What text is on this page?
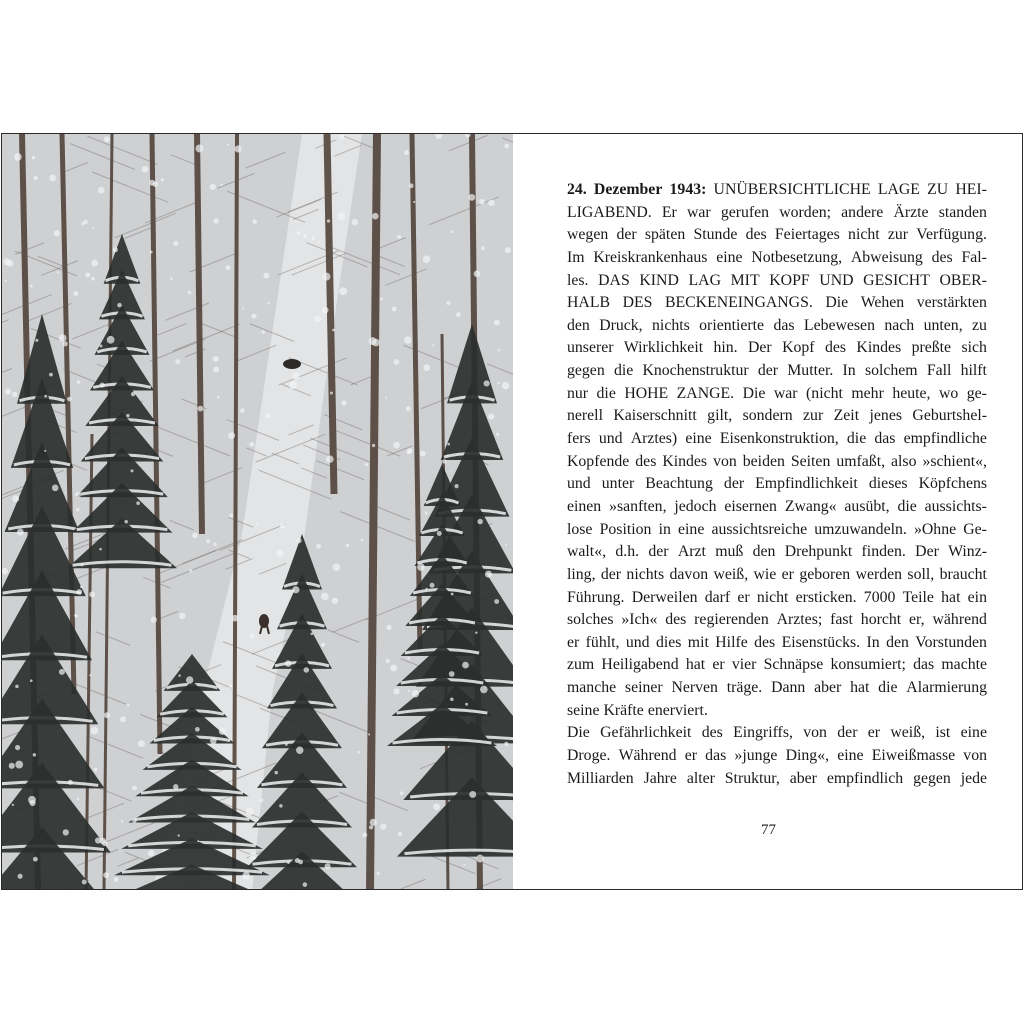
24. Dezember 1943: UNÜBERSICHTLICHE LAGE ZU HEI-
LIGABEND. Er war gerufen worden; andere Ärzte standen
wegen der späten Stunde des Feiertages nicht zur Verfügung.
Im Kreiskrankenhaus eine Notbesetzung, Abweisung des Fal-
les. DAS KIND LAG MIT KOPF UND GESICHT OBER-
HALB DES BECKENEINGANGS. Die Wehen verstärkten
den Druck, nichts orientierte das Lebewesen nach unten, zu
unserer Wirklichkeit hin. Der Kopf des Kindes preßte sich
gegen die Knochenstruktur der Mutter. In solchem Fall hilft
nur die HOHE ZANGE. Die war (nicht mehr heute, wo ge-
nerell Kaiserschnitt gilt, sondern zur Zeit jenes Geburtshel-
fers und Arztes) eine Eisenkonstruktion, die das empfindliche
Kopfende des Kindes von beiden Seiten umfaßt, also »schient«,
und unter Beachtung der Empfindlichkeit dieses Köpfchens
einen »sanften, jedoch eisernen Zwang« ausübt, die aussichts-
lose Position in eine aussichtsreiche umzuwandeln. »Ohne Ge-
walt«, d.h. der Arzt muß den Drehpunkt finden. Der Winz-
ling, der nichts davon weiß, wie er geboren werden soll, braucht
Führung. Derweilen darf er nicht ersticken. 7000 Teile hat ein
solches »Ich« des regierenden Arztes; fast horcht er, während
er fühlt, und dies mit Hilfe des Eisenstücks. In den Vorstunden
zum Heiligabend hat er vier Schnäpse konsumiert; das machte
manche seiner Nerven träge. Dann aber hat die Alarmierung
seine Kräfte enerviert.
Die Gefährlichkeit des Eingriffs, von der er weiß, ist eine
Droge. Während er das »junge Ding«, eine Eiweißmasse von
Milliarden Jahre alter Struktur, aber empfindlich gegen jede
77
